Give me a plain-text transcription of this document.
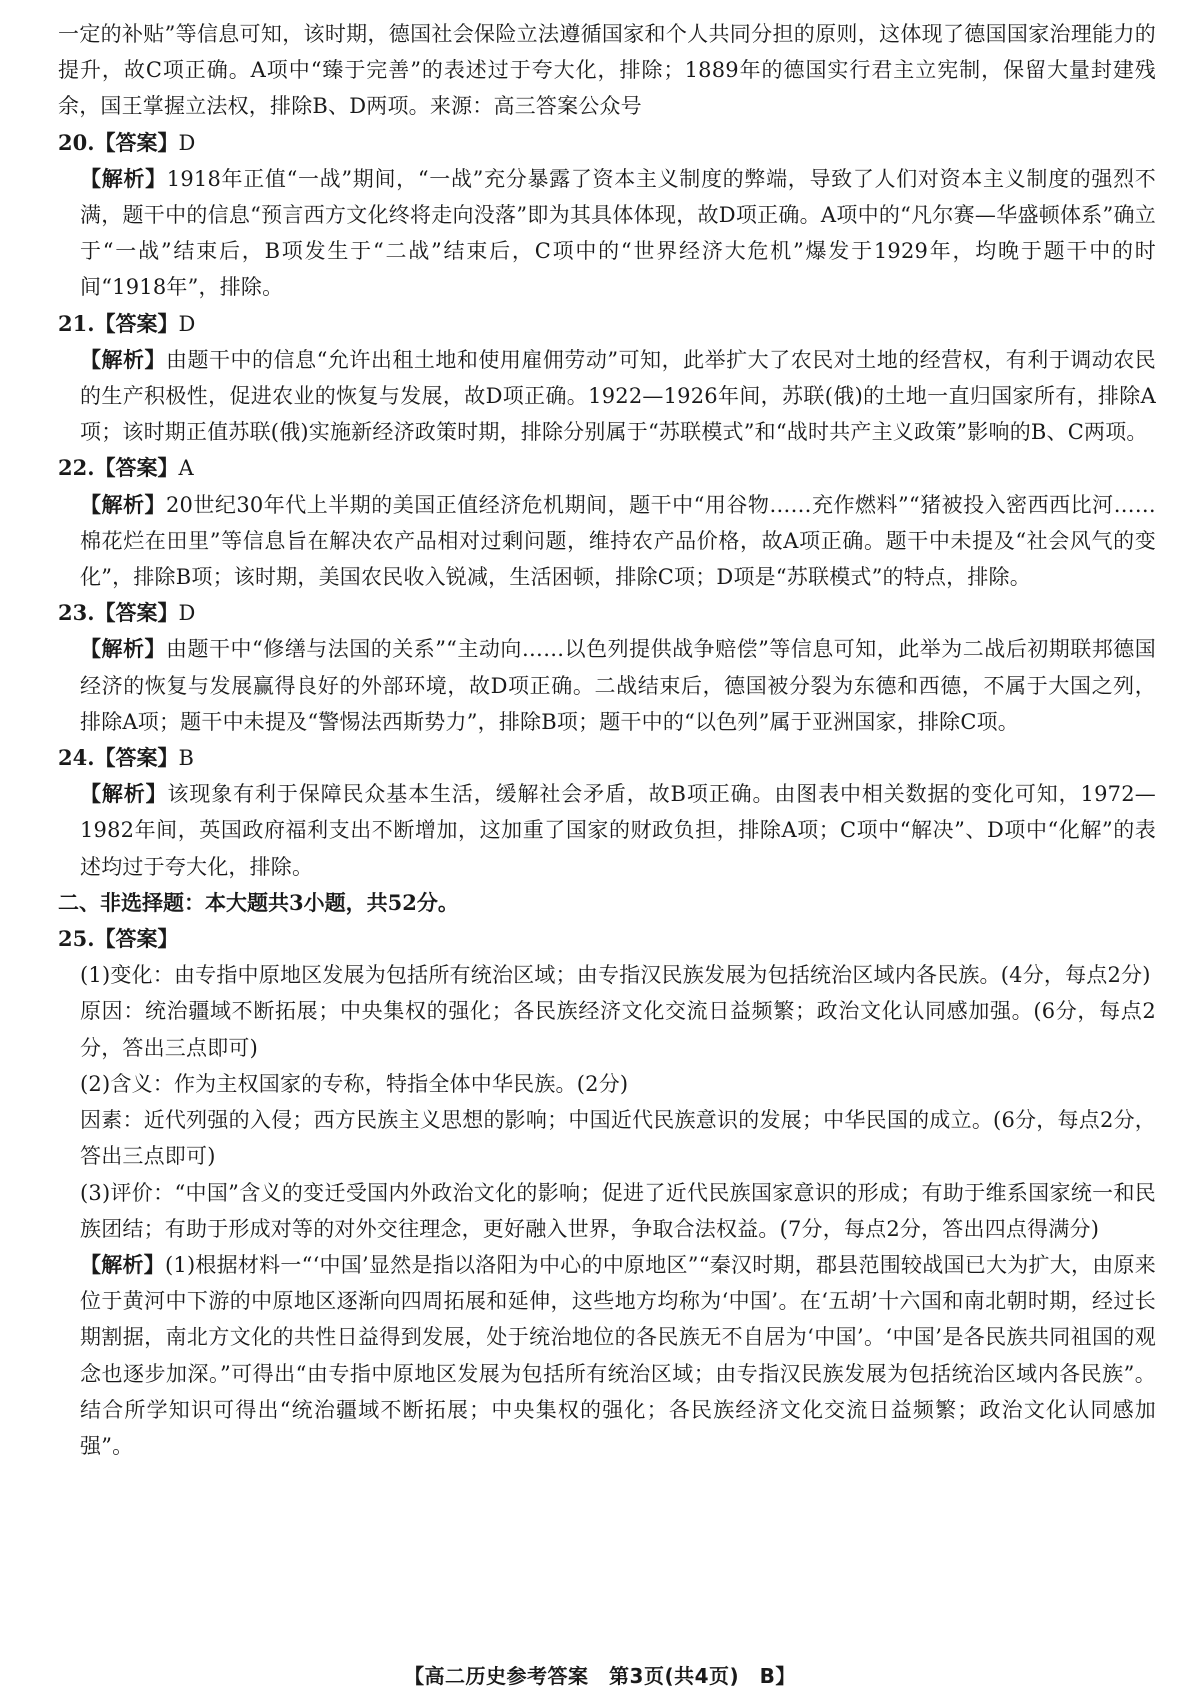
一定的补贴”等信息可知，该时期，德国社会保险立法遵循国家和个人共同分担的原则，这体现了德国国家治理能力的提升，故C项正确。A项中“臻于完善”的表述过于夸大化，排除；1889年的德国实行君主立宪制，保留大量封建残余，国王掌握立法权，排除B、D两项。来源：高三答案公众号

20.【答案】D

【解析】1918年正值“一战”期间，“一战”充分暴露了资本主义制度的弊端，导致了人们对资本主义制度的强烈不满，题干中的信息“预言西方文化终将走向没落”即为其具体体现，故D项正确。A项中的“凡尔赛—华盛顿体系”确立于“一战”结束后，B项发生于“二战”结束后，C项中的“世界经济大危机”爆发于1929年，均晚于题干中的时间“1918年”，排除。

21.【答案】D

【解析】由题干中的信息“允许出租土地和使用雇佣劳动”可知，此举扩大了农民对土地的经营权，有利于调动农民的生产积极性，促进农业的恢复与发展，故D项正确。1922—1926年间，苏联(俄)的土地一直归国家所有，排除A项；该时期正值苏联(俄)实施新经济政策时期，排除分别属于“苏联模式”和“战时共产主义政策”影响的B、C两项。

22.【答案】A

【解析】20世纪30年代上半期的美国正值经济危机期间，题干中“用谷物……充作燃料”“猪被投入密西西比河……棉花烂在田里”等信息旨在解决农产品相对过剩问题，维持农产品价格，故A项正确。题干中未提及“社会风气的变化”，排除B项；该时期，美国农民收入锐减，生活困顿，排除C项；D项是“苏联模式”的特点，排除。

23.【答案】D

【解析】由题干中“修缮与法国的关系”“主动向……以色列提供战争赔偿”等信息可知，此举为二战后初期联邦德国经济的恢复与发展赢得良好的外部环境，故D项正确。二战结束后，德国被分裂为东德和西德，不属于大国之列，排除A项；题干中未提及“警惕法西斯势力”，排除B项；题干中的“以色列”属于亚洲国家，排除C项。

24.【答案】B

【解析】该现象有利于保障民众基本生活，缓解社会矛盾，故B项正确。由图表中相关数据的变化可知，1972—1982年间，英国政府福利支出不断增加，这加重了国家的财政负担，排除A项；C项中“解决”、D项中“化解”的表述均过于夸大化，排除。

二、非选择题：本大题共3小题，共52分。

25.【答案】

(1)变化：由专指中原地区发展为包括所有统治区域；由专指汉民族发展为包括统治区域内各民族。(4分，每点2分)

原因：统治疆域不断拓展；中央集权的强化；各民族经济文化交流日益频繁；政治文化认同感加强。(6分，每点2分，答出三点即可)

(2)含义：作为主权国家的专称，特指全体中华民族。(2分)

因素：近代列强的入侵；西方民族主义思想的影响；中国近代民族意识的发展；中华民国的成立。(6分，每点2分，答出三点即可)

(3)评价：“中国”含义的变迁受国内外政治文化的影响；促进了近代民族国家意识的形成；有助于维系国家统一和民族团结；有助于形成对等的对外交往理念，更好融入世界，争取合法权益。(7分，每点2分，答出四点得满分)

【解析】(1)根据材料一“‘中国’显然是指以洛阳为中心的中原地区”“秦汉时期，郡县范围较战国已大为扩大，由原来位于黄河中下游的中原地区逐渐向四周拓展和延伸，这些地方均称为‘中国’。在‘五胡’十六国和南北朝时期，经过长期割据，南北方文化的共性日益得到发展，处于统治地位的各民族无不自居为‘中国’。‘中国’是各民族共同祖国的观念也逐步加深。”可得出“由专指中原地区发展为包括所有统治区域；由专指汉民族发展为包括统治区域内各民族”。结合所学知识可得出“统治疆域不断拓展；中央集权的强化；各民族经济文化交流日益频繁；政治文化认同感加强”。

【高二历史参考答案　第3页(共4页)　B】
